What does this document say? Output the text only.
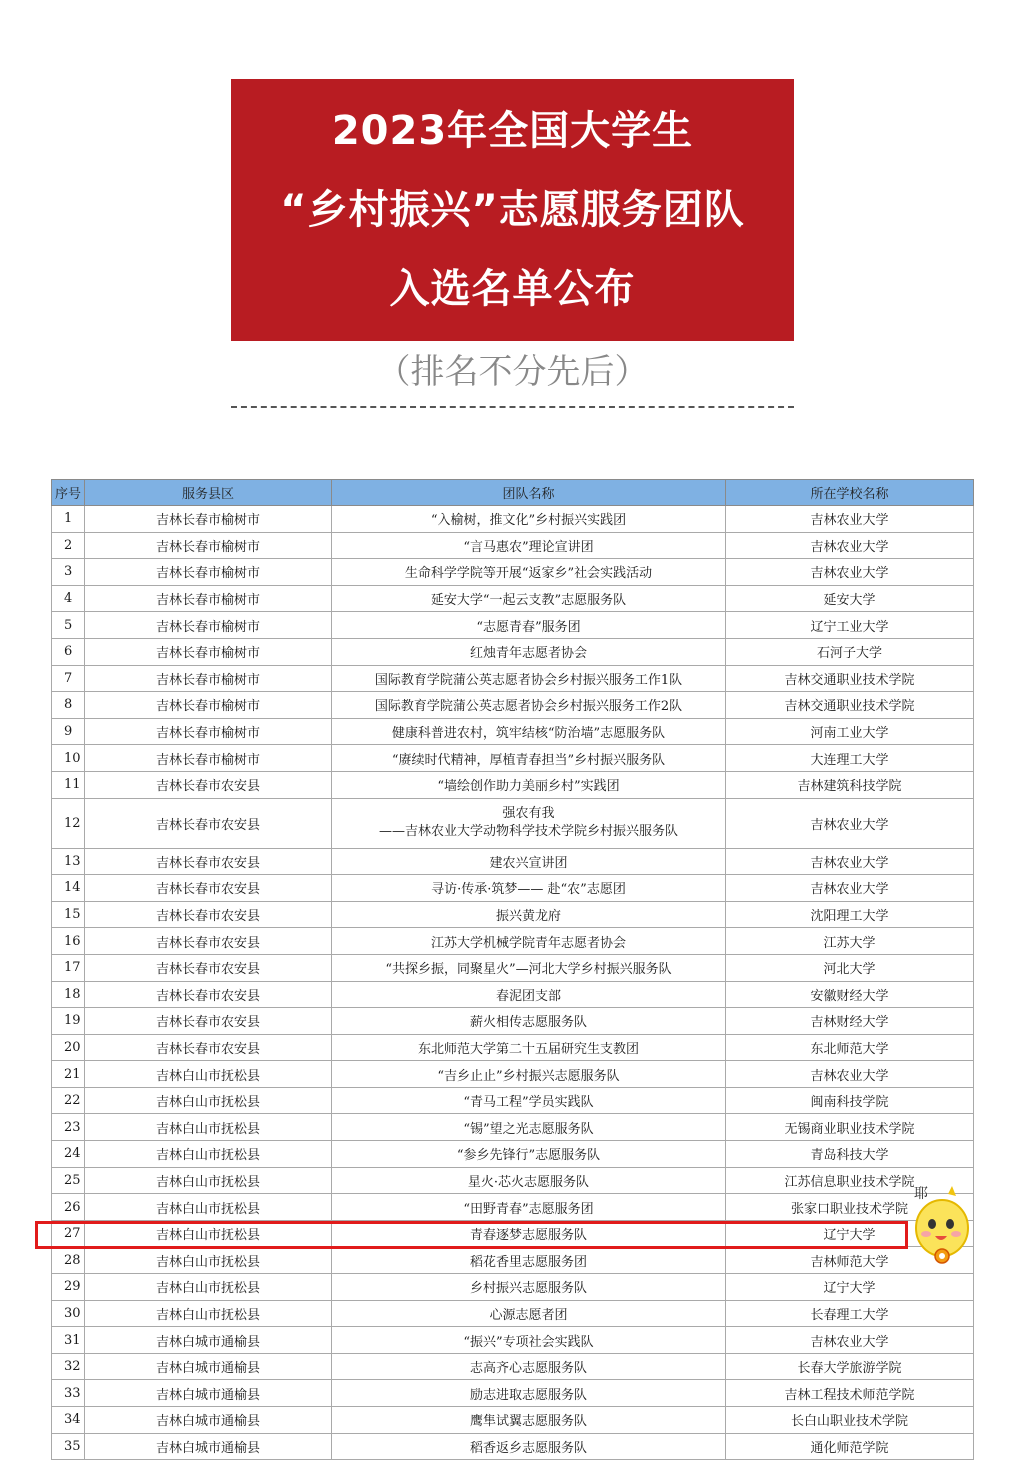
2023年全国大学生
“乡村振兴”志愿服务团队
入选名单公布
（排名不分先后）
序号	服务县区	团队名称	所在学校名称
1	吉林长春市榆树市	“入榆树，推文化”乡村振兴实践团	吉林农业大学
2	吉林长春市榆树市	“言马惠农”理论宣讲团	吉林农业大学
3	吉林长春市榆树市	生命科学学院等开展“返家乡”社会实践活动	吉林农业大学
4	吉林长春市榆树市	延安大学“一起云支教”志愿服务队	延安大学
5	吉林长春市榆树市	“志愿青春”服务团	辽宁工业大学
6	吉林长春市榆树市	红烛青年志愿者协会	石河子大学
7	吉林长春市榆树市	国际教育学院蒲公英志愿者协会乡村振兴服务工作1队	吉林交通职业技术学院
8	吉林长春市榆树市	国际教育学院蒲公英志愿者协会乡村振兴服务工作2队	吉林交通职业技术学院
9	吉林长春市榆树市	健康科普进农村，筑牢结核“防治墙”志愿服务队	河南工业大学
10	吉林长春市榆树市	“赓续时代精神，厚植青春担当”乡村振兴服务队	大连理工大学
11	吉林长春市农安县	“墙绘创作助力美丽乡村”实践团	吉林建筑科技学院
12	吉林长春市农安县	强农有我
——吉林农业大学动物科学技术学院乡村振兴服务队	吉林农业大学
13	吉林长春市农安县	建农兴宣讲团	吉林农业大学
14	吉林长春市农安县	寻访·传承·筑梦—— 赴“农”志愿团	吉林农业大学
15	吉林长春市农安县	振兴黄龙府	沈阳理工大学
16	吉林长春市农安县	江苏大学机械学院青年志愿者协会	江苏大学
17	吉林长春市农安县	“共探乡振，同聚星火”—河北大学乡村振兴服务队	河北大学
18	吉林长春市农安县	春泥团支部	安徽财经大学
19	吉林长春市农安县	薪火相传志愿服务队	吉林财经大学
20	吉林长春市农安县	东北师范大学第二十五届研究生支教团	东北师范大学
21	吉林白山市抚松县	“吉乡止止”乡村振兴志愿服务队	吉林农业大学
22	吉林白山市抚松县	“青马工程”学员实践队	闽南科技学院
23	吉林白山市抚松县	“锡”望之光志愿服务队	无锡商业职业技术学院
24	吉林白山市抚松县	“参乡先锋行”志愿服务队	青岛科技大学
25	吉林白山市抚松县	星火·芯火志愿服务队	江苏信息职业技术学院
26	吉林白山市抚松县	“田野青春”志愿服务团	张家口职业技术学院
27	吉林白山市抚松县	青春逐梦志愿服务队	辽宁大学
28	吉林白山市抚松县	稻花香里志愿服务团	吉林师范大学
29	吉林白山市抚松县	乡村振兴志愿服务队	辽宁大学
30	吉林白山市抚松县	心源志愿者团	长春理工大学
31	吉林白城市通榆县	“振兴”专项社会实践队	吉林农业大学
32	吉林白城市通榆县	志高齐心志愿服务队	长春大学旅游学院
33	吉林白城市通榆县	励志进取志愿服务队	吉林工程技术师范学院
34	吉林白城市通榆县	鹰隼试翼志愿服务队	长白山职业技术学院
35	吉林白城市通榆县	稻香返乡志愿服务队	通化师范学院
耶
